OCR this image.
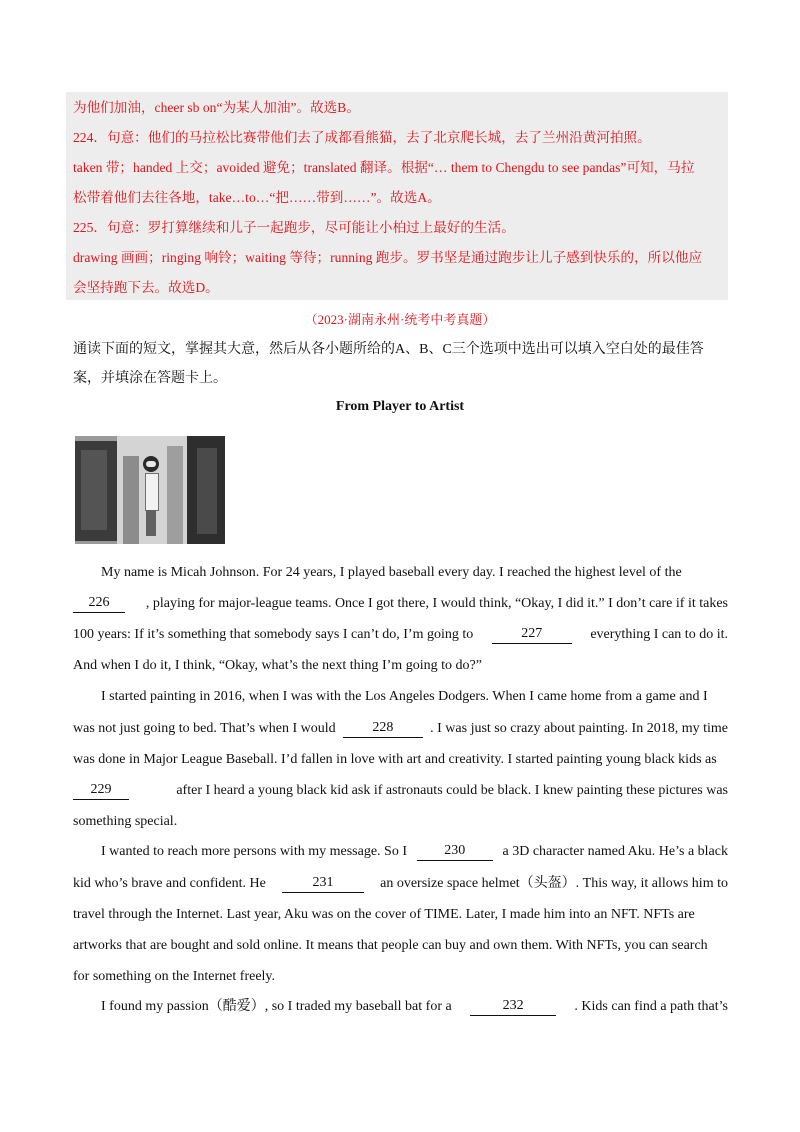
为他们加油，cheer sb on“为某人加油”。故选B。
224．句意：他们的马拉松比赛带他们去了成都看熊猫，去了北京爬长城，去了兰州沿黄河拍照。
taken 带；handed 上交；avoided 避免；translated 翻译。根据“… them to Chengdu to see pandas”可知，马拉
松带着他们去往各地，take…to…“把……带到……”。故选A。
225．句意：罗打算继续和儿子一起跑步，尽可能让小柏过上最好的生活。
drawing 画画；ringing 响铃；waiting 等待；running 跑步。罗书坚是通过跑步让儿子感到快乐的，所以他应
会坚持跑下去。故选D。
（2023·湖南永州·统考中考真题）
通读下面的短文，掌握其大意，然后从各小题所给的A、B、C三个选项中选出可以填入空白处的最佳答
案，并填涂在答题卡上。
From Player to Artist
My name is Micah Johnson. For 24 years, I played baseball every day. I reached the highest level of the
226	, playing for major-league teams. Once I got there, I would think, “Okay, I did it.” I don’t care if it takes
100 years: If it’s something that somebody says I can’t do, I’m going to	227	everything I can to do it.
And when I do it, I think, “Okay, what’s the next thing I’m going to do?”
I started painting in 2016, when I was with the Los Angeles Dodgers. When I came home from a game and I
was not just going to bed. That’s when I would	228	. I was just so crazy about painting. In 2018, my time
was done in Major League Baseball. I’d fallen in love with art and creativity. I started painting young black kids as
229	after I heard a young black kid ask if astronauts could be black. I knew painting these pictures was
something special.
I wanted to reach more persons with my message. So I	230	a 3D character named Aku. He’s a black
kid who’s brave and confident. He	231	an oversize space helmet（头盔）. This way, it allows him to
travel through the Internet. Last year, Aku was on the cover of TIME. Later, I made him into an NFT. NFTs are
artworks that are bought and sold online. It means that people can buy and own them. With NFTs, you can search
for something on the Internet freely.
I found my passion（酷爱）, so I traded my baseball bat for a	232	. Kids can find a path that’s
